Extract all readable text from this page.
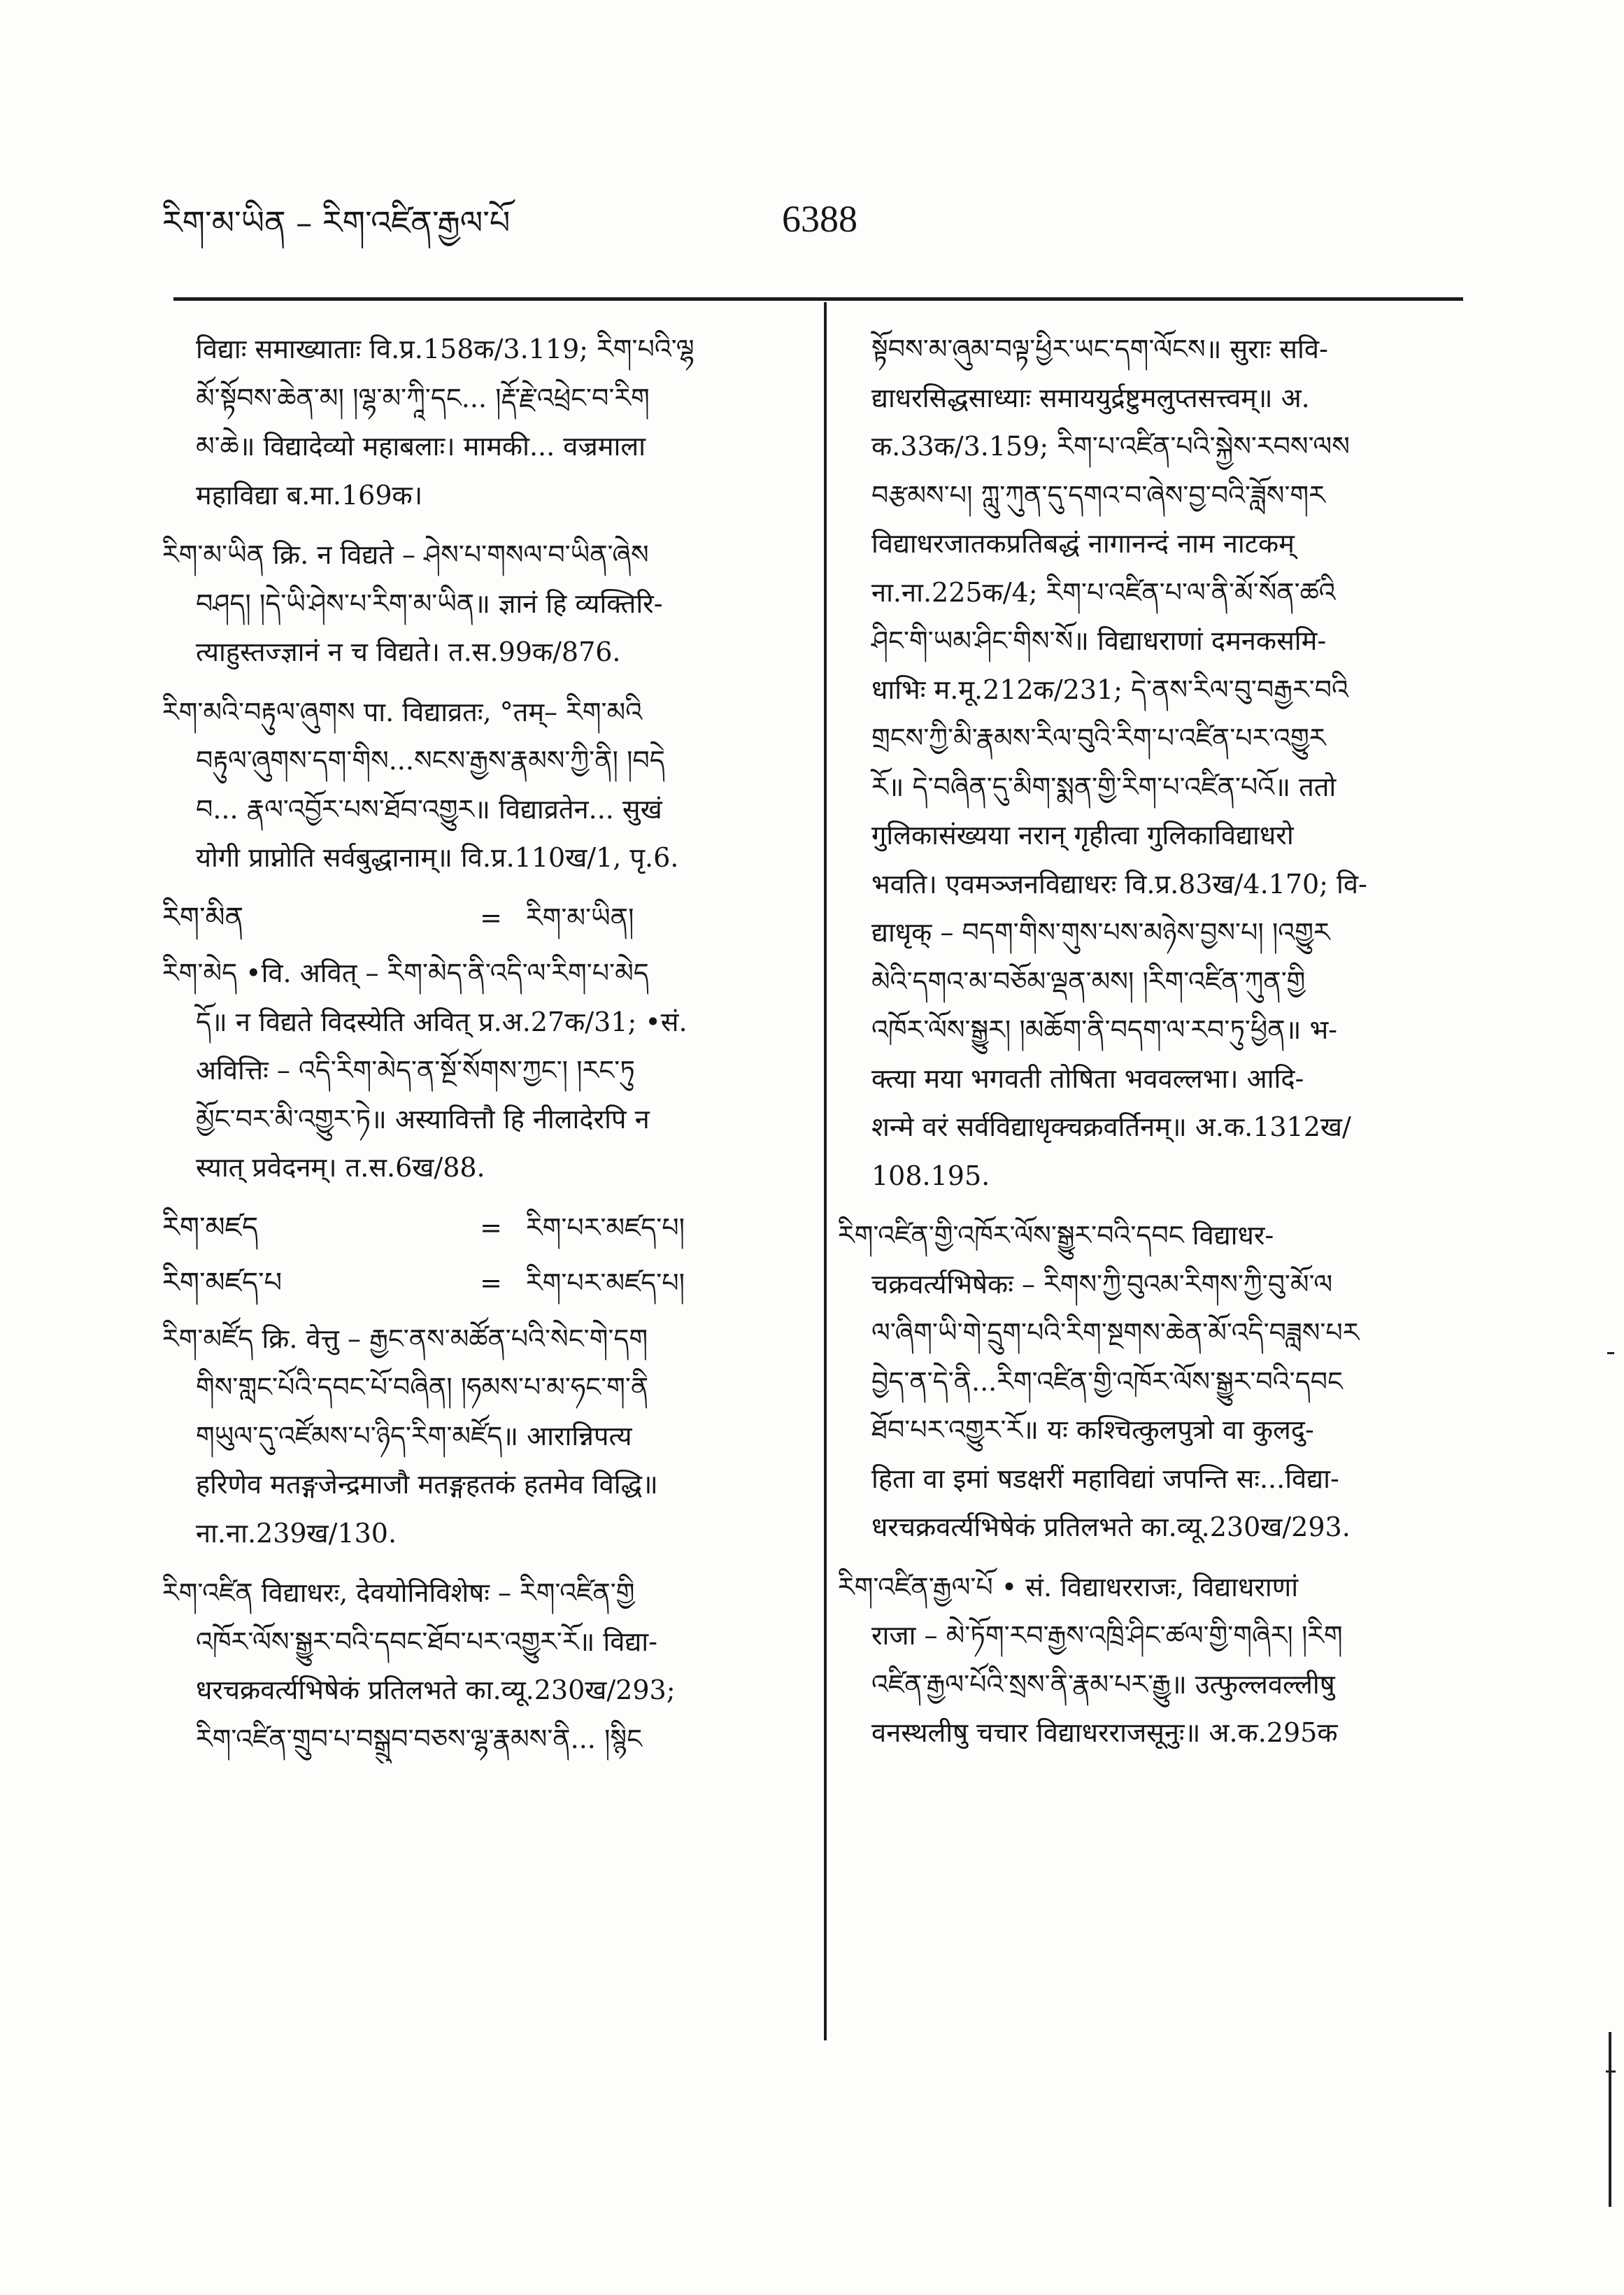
རིག་མ་ཡིན – རིག་འཛིན་རྒྱལ་པོ	6388
विद्याः समाख्याताः वि.प्र.158क/3.119; རིག་པའི་ལྷ
མོ་སྟོབས་ཆེན་མ། །ལྷ་མ་ཀཱི་དང... །རྡོ་རྗེ་འཕྲེང་བ་རིག
མ་ཆེ॥ विद्यादेव्यो महाबलाः। मामकी... वज्रमाला
महाविद्या ब.मा.169क।
རིག་མ་ཡིན क्रि. न विद्यते – ཤེས་པ་གསལ་བ་ཡིན་ཞེས
བཤད། །དེ་ཡི་ཤེས་པ་རིག་མ་ཡིན॥ ज्ञानं हि व्यक्तिरि-
त्याहुस्तज्ज्ञानं न च विद्यते। त.स.99क/876.
རིག་མའི་བརྟུལ་ཞུགས पा. विद्याव्रतः, °तम्– རིག་མའི
བརྟུལ་ཞུགས་དག་གིས...སངས་རྒྱས་རྣམས་ཀྱི་ནི། །བདེ
བ... རྣལ་འབྱོར་པས་ཐོབ་འགྱུར॥ विद्याव्रतेन... सुखं
योगी प्राप्नोति सर्वबुद्धानाम्॥ वि.प्र.110ख/1, पृ.6.
རིག་མིན	= རིག་མ་ཡིན།
རིག་མེད •वि. अवित् – རིག་མེད་ནི་འདི་ལ་རིག་པ་མེད
དོ॥ न विद्यते विदस्येति अवित् प्र.अ.27क/31; •सं.
अवित्तिः – འདི་རིག་མེད་ན་སྔོ་སོགས་ཀྱང་། །རང་ཏུ
མྱོང་བར་མི་འགྱུར་ཏེ॥ अस्यावित्तौ हि नीलादेरपि न
स्यात् प्रवेदनम्। त.स.6ख/88.
རིག་མཛད	= རིག་པར་མཛད་པ།
རིག་མཛད་པ	= རིག་པར་མཛད་པ།
རིག་མཛོད क्रि. वेत्तु – རྒྱང་ནས་མཚོན་པའི་སེང་གེ་དག
གིས་གླང་པོའི་དབང་པོ་བཞིན། །ཧམས་པ་མ་ཧང་ག་ནི
གཡུལ་དུ་འཛོམས་པ་ཉིད་རིག་མཛོད॥ आरान्निपत्य
हरिणेव मतङ्गजेन्द्रमाजौ मतङ्गहतकं हतमेव विद्धि॥
ना.ना.239ख/130.
རིག་འཛིན विद्याधरः, देवयोनिविशेषः – རིག་འཛིན་གྱི
འཁོར་ལོས་སྒྱུར་བའི་དབང་ཐོབ་པར་འགྱུར་རོ॥ विद्या-
धरचक्रवर्त्यभिषेकं प्रतिलभते का.व्यू.230ख/293;
རིག་འཛིན་གྲུབ་པ་བསྒྲུབ་བཅས་ལྷ་རྣམས་ནི... །སྙིང
སྟོབས་མ་ཞུམ་བལྟ་ཕྱིར་ཡང་དག་ལོངས॥ सुराः सवि-
द्याधरसिद्धसाध्याः समाययुर्द्रष्टुमलुप्तसत्त्वम्॥ अ.
क.33क/3.159; རིག་པ་འཛིན་པའི་སྐྱེས་རབས་ལས
བརྩམས་པ། ཀླུ་ཀུན་དུ་དགའ་བ་ཞེས་བྱ་བའི་ཟློས་གར
विद्याधरजातकप्रतिबद्धं नागानन्दं नाम नाटकम्
ना.ना.225क/4; རིག་པ་འཛིན་པ་ལ་ནི་མོ་སོན་ཚའི
ཤིང་གི་ཡམ་ཤིང་གིས་སོ॥ विद्याधराणां दमनकसमि-
धाभिः म.मू.212क/231; དེ་ནས་རིལ་བུ་བརྒྱར་བའི
གྲངས་ཀྱི་མི་རྣམས་རིལ་བུའི་རིག་པ་འཛིན་པར་འགྱུར
རོ॥ དེ་བཞིན་དུ་མིག་སྨན་གྱི་རིག་པ་འཛིན་པའོ॥ ततो
गुलिकासंख्यया नरान् गृहीत्वा गुलिकाविद्याधरो
भवति। एवमञ्जनविद्याधरः वि.प्र.83ख/4.170; वि-
द्याधृक् – བདག་གིས་གུས་པས་མཉེས་བྱས་པ། །འགྱུར
མེའི་དགའ་མ་བཅོམ་ལྡན་མས། །རིག་འཛིན་ཀུན་གྱི
འཁོར་ལོས་སྒྱུར། །མཆོག་ནི་བདག་ལ་རབ་ཏུ་ཕྱིན॥ भ-
क्त्या मया भगवती तोषिता भववल्लभा। आदि-
शन्मे वरं सर्वविद्याधृक्चक्रवर्तिनम्॥ अ.क.1312ख/
108.195.
རིག་འཛིན་གྱི་འཁོར་ལོས་སྒྱུར་བའི་དབང विद्याधर-
चक्रवर्त्यभिषेकः – རིགས་ཀྱི་བུའམ་རིགས་ཀྱི་བུ་མོ་ལ
ལ་ཞིག་ཡི་གེ་དྲུག་པའི་རིག་སྔགས་ཆེན་མོ་འདི་བཟླས་པར
བྱེད་ན་དེ་ནི...རིག་འཛིན་གྱི་འཁོར་ལོས་སྒྱུར་བའི་དབང
ཐོབ་པར་འགྱུར་རོ॥ यः कश्चित्कुलपुत्रो वा कुलदु-
हिता वा इमां षडक्षरीं महाविद्यां जपन्ति सः...विद्या-
धरचक्रवर्त्यभिषेकं प्रतिलभते का.व्यू.230ख/293.
རིག་འཛིན་རྒྱལ་པོ • सं. विद्याधरराजः, विद्याधराणां
राजा – མེ་ཏོག་རབ་རྒྱས་འཁྲི་ཤིང་ཚལ་གྱི་གཞིར། །རིག
འཛིན་རྒྱལ་པོའི་སྲས་ནི་རྣམ་པར་རྒྱུ॥ उत्फुल्लवल्लीषु
वनस्थलीषु चचार विद्याधरराजसूनुः॥ अ.क.295क
